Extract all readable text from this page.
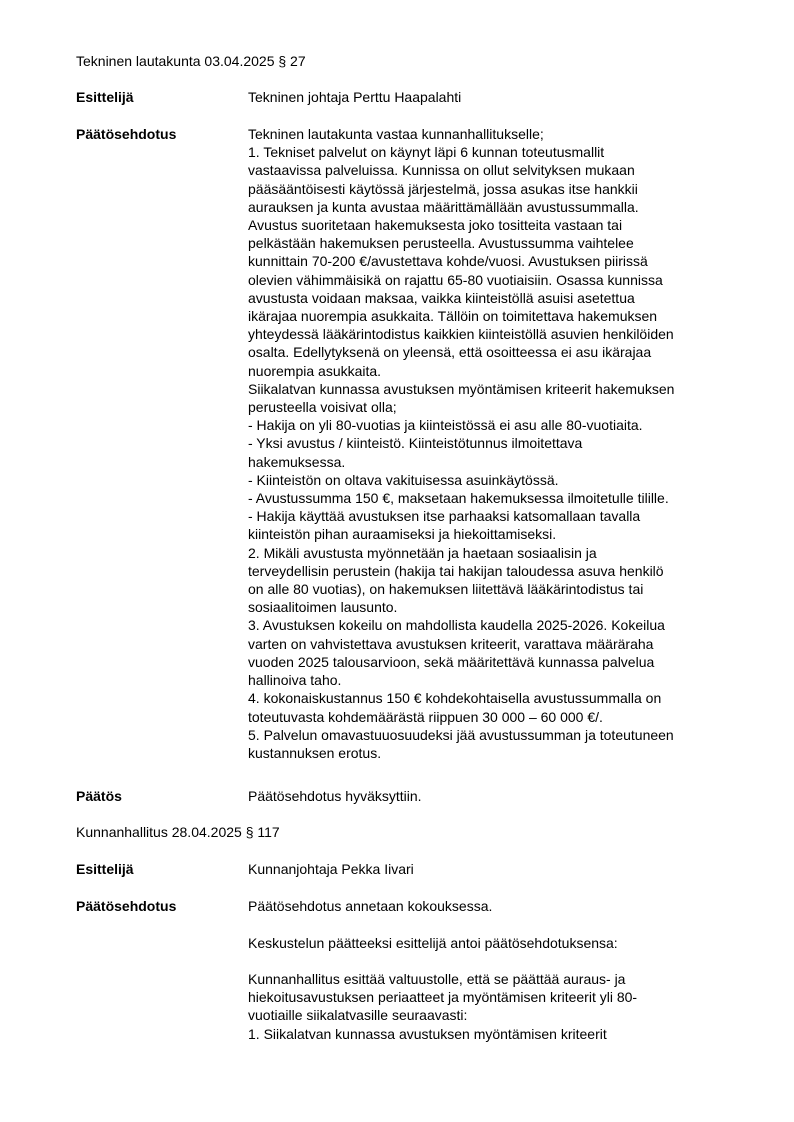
Tekninen lautakunta 03.04.2025 § 27
Esittelijä	Tekninen johtaja Perttu Haapalahti
Päätösehdotus	Tekninen lautakunta vastaa kunnanhallitukselle;
1. Tekniset palvelut on käynyt läpi 6 kunnan toteutusmallit
vastaavissa palveluissa. Kunnissa on ollut selvityksen mukaan
pääsääntöisesti käytössä järjestelmä, jossa asukas itse hankkii
aurauksen ja kunta avustaa määrittämällään avustussummalla.
Avustus suoritetaan hakemuksesta joko tositteita vastaan tai
pelkästään hakemuksen perusteella. Avustussumma vaihtelee
kunnittain 70-200 €/avustettava kohde/vuosi. Avustuksen piirissä
olevien vähimmäisikä on rajattu 65-80 vuotiaisiin. Osassa kunnissa
avustusta voidaan maksaa, vaikka kiinteistöllä asuisi asetettua
ikärajaa nuorempia asukkaita. Tällöin on toimitettava hakemuksen
yhteydessä lääkärintodistus kaikkien kiinteistöllä asuvien henkilöiden
osalta. Edellytyksenä on yleensä, että osoitteessa ei asu ikärajaa
nuorempia asukkaita.
Siikalatvan kunnassa avustuksen myöntämisen kriteerit hakemuksen
perusteella voisivat olla;
- Hakija on yli 80-vuotias ja kiinteistössä ei asu alle 80-vuotiaita.
- Yksi avustus / kiinteistö. Kiinteistötunnus ilmoitettava
hakemuksessa.
- Kiinteistön on oltava vakituisessa asuinkäytössä.
- Avustussumma 150 €, maksetaan hakemuksessa ilmoitetulle tilille.
- Hakija käyttää avustuksen itse parhaaksi katsomallaan tavalla
kiinteistön pihan auraamiseksi ja hiekoittamiseksi.
2. Mikäli avustusta myönnetään ja haetaan sosiaalisin ja
terveydellisin perustein (hakija tai hakijan taloudessa asuva henkilö
on alle 80 vuotias), on hakemuksen liitettävä lääkärintodistus tai
sosiaalitoimen lausunto.
3. Avustuksen kokeilu on mahdollista kaudella 2025-2026. Kokeilua
varten on vahvistettava avustuksen kriteerit, varattava määräraha
vuoden 2025 talousarvioon, sekä määritettävä kunnassa palvelua
hallinoiva taho.
4. kokonaiskustannus 150 € kohdekohtaisella avustussummalla on
toteutuvasta kohdemäärästä riippuen 30 000 – 60 000 €/.
5. Palvelun omavastuuosuudeksi jää avustussumman ja toteutuneen
kustannuksen erotus.
Päätös	Päätösehdotus hyväksyttiin.
Kunnanhallitus 28.04.2025 § 117
Esittelijä	Kunnanjohtaja Pekka Iivari
Päätösehdotus	Päätösehdotus annetaan kokouksessa.
Keskustelun päätteeksi esittelijä antoi päätösehdotuksensa:
Kunnanhallitus esittää valtuustolle, että se päättää auraus- ja
hiekoitusavustuksen periaatteet ja myöntämisen kriteerit yli 80-
vuotiaille siikalatvasille seuraavasti:
1. Siikalatvan kunnassa avustuksen myöntämisen kriteerit
